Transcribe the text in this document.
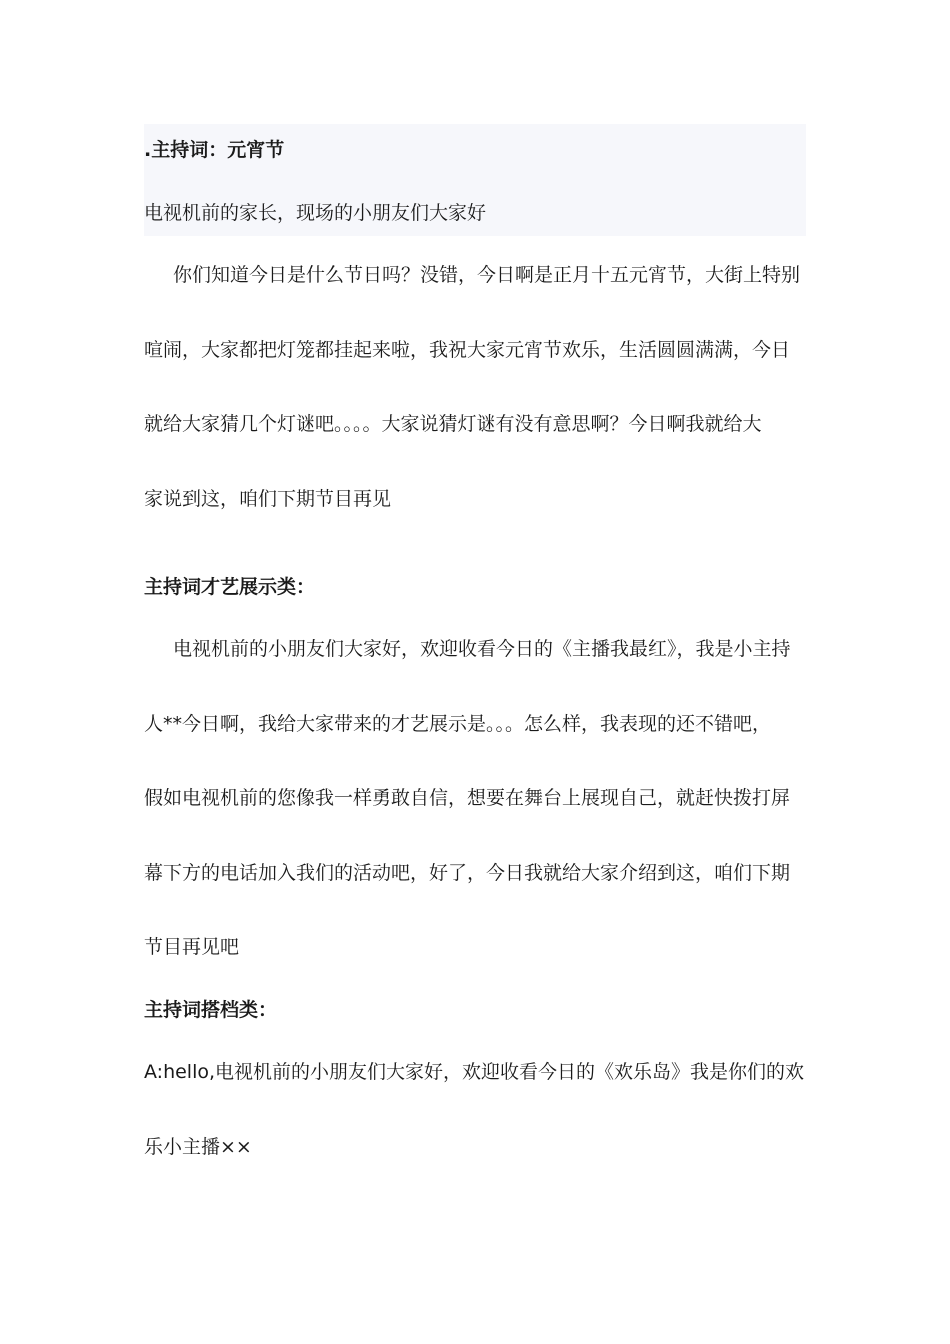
.主持词：元宵节
电视机前的家长，现场的小朋友们大家好
你们知道今日是什么节日吗？没错，今日啊是正月十五元宵节，大街上特别
喧闹，大家都把灯笼都挂起来啦，我祝大家元宵节欢乐，生活圆圆满满，今日
就给大家猜几个灯谜吧。。。。大家说猜灯谜有没有意思啊？今日啊我就给大
家说到这，咱们下期节目再见
主持词才艺展示类：
电视机前的小朋友们大家好，欢迎收看今日的《主播我最红》，我是小主持
人**今日啊，我给大家带来的才艺展示是。。。怎么样，我表现的还不错吧，
假如电视机前的您像我一样勇敢自信，想要在舞台上展现自己，就赶快拨打屏
幕下方的电话加入我们的活动吧，好了，今日我就给大家介绍到这，咱们下期
节目再见吧
主持词搭档类：
A:hello,电视机前的小朋友们大家好，欢迎收看今日的《欢乐岛》我是你们的欢
乐小主播××
